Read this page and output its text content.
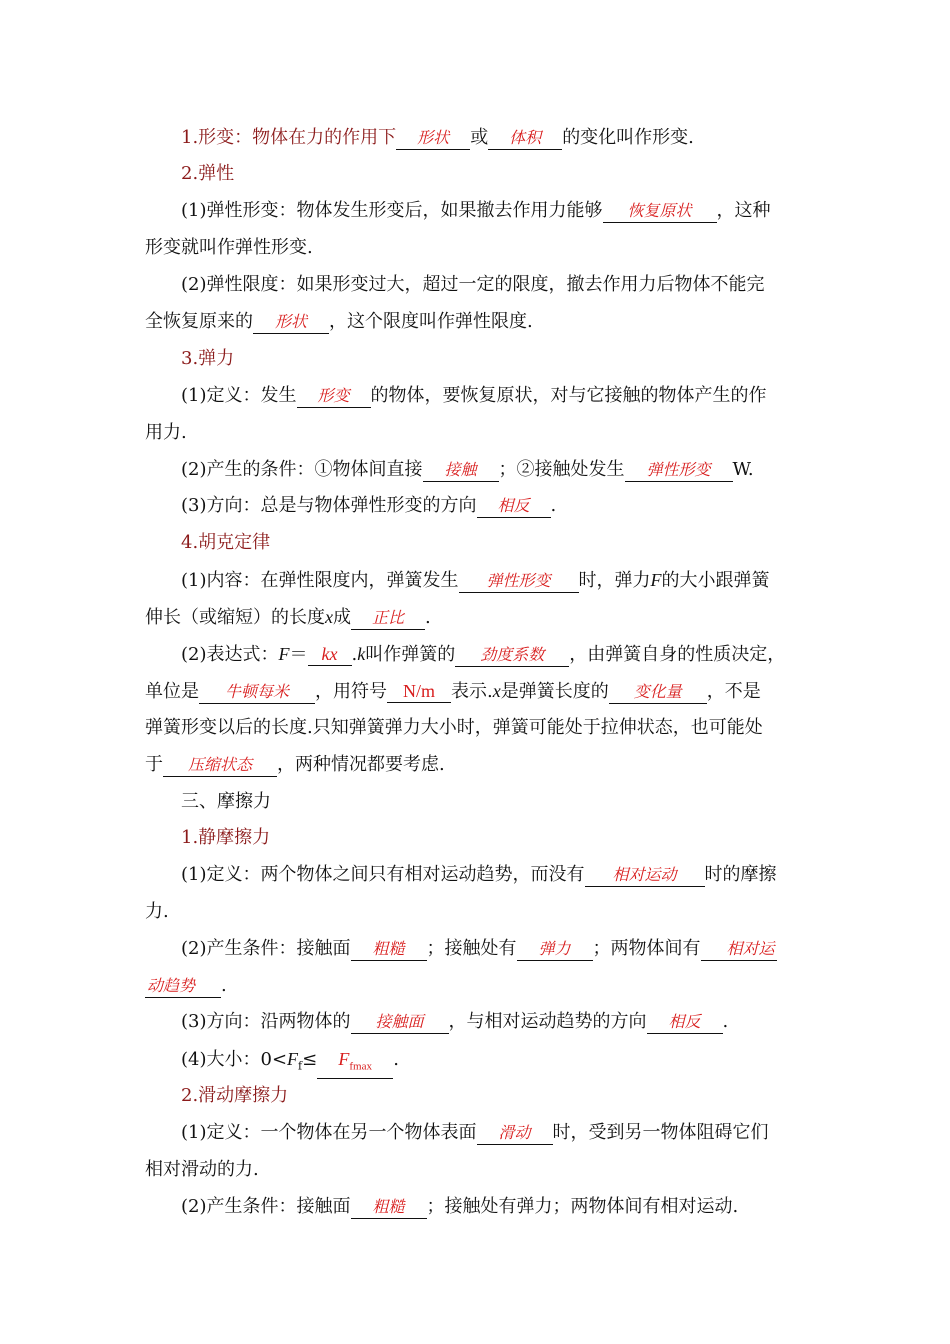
1.形变：物体在力的作用下 形状 或 体积 的变化叫作形变.
2.弹性
(1)弹性形变：物体发生形变后，如果撤去作用力能够 恢复原状 ，这种
形变就叫作弹性形变.
(2)弹性限度：如果形变过大，超过一定的限度，撤去作用力后物体不能完
全恢复原来的 形状 ，这个限度叫作弹性限度.
3.弹力
(1)定义：发生 形变 的物体，要恢复原状，对与它接触的物体产生的作
用力.
(2)产生的条件：①物体间直接 接触 ；②接触处发生 弹性形变 W.
(3)方向：总是与物体弹性形变的方向 相反 .
4.胡克定律
(1)内容：在弹性限度内，弹簧发生 弹性形变 时，弹力F的大小跟弹簧
伸长（或缩短）的长度x成 正比 .
(2)表达式：F＝ kx .k叫作弹簧的 劲度系数 ，由弹簧自身的性质决定，
单位是 牛顿每米 ，用符号 N/m 表示.x是弹簧长度的 变化量 ，不是
弹簧形变以后的长度.只知弹簧弹力大小时，弹簧可能处于拉伸状态，也可能处
于 压缩状态 ，两种情况都要考虑.
三、摩擦力
1.静摩擦力
(1)定义：两个物体之间只有相对运动趋势，而没有 相对运动 时的摩擦
力.
(2)产生条件：接触面 粗糙 ；接触处有 弹力 ；两物体间有 相对运
动趋势 .
(3)方向：沿两物体的 接触面 ，与相对运动趋势的方向 相反 .
(4)大小：$0<F_f\le F_{fmax}$ .
2.滑动摩擦力
(1)定义：一个物体在另一个物体表面 滑动 时，受到另一物体阻碍它们
相对滑动的力.
(2)产生条件：接触面 粗糙 ；接触处有弹力；两物体间有相对运动.
